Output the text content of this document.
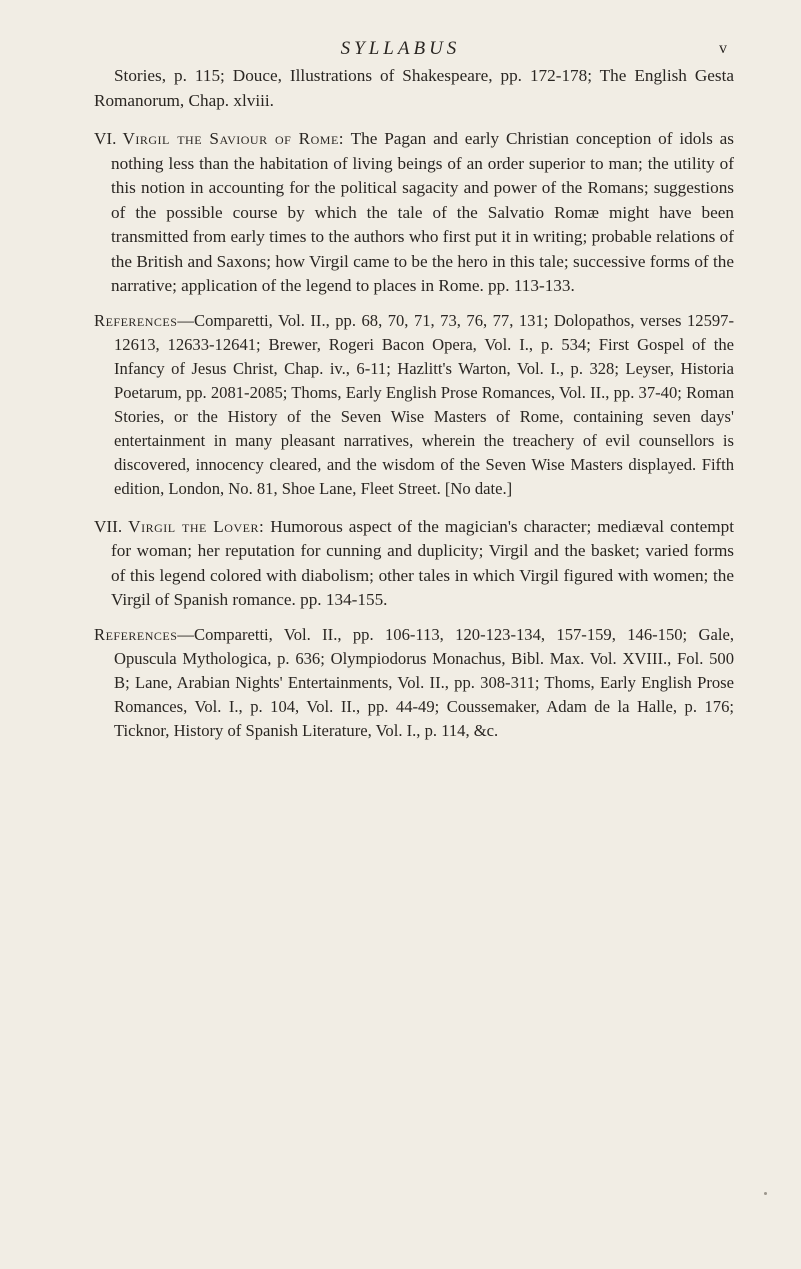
SYLLABUS	v

Stories, p. 115; Douce, Illustrations of Shakespeare, pp. 172-178; The English Gesta Romanorum, Chap. xlviii.

VI. Virgil the Saviour of Rome: The Pagan and early Christian conception of idols as nothing less than the habitation of living beings of an order superior to man; the utility of this notion in accounting for the political sagacity and power of the Romans; suggestions of the possible course by which the tale of the Salvatio Romæ might have been transmitted from early times to the authors who first put it in writing; probable relations of the British and Saxons; how Virgil came to be the hero in this tale; successive forms of the narrative; application of the legend to places in Rome. pp. 113-133.

References—Comparetti, Vol. II., pp. 68, 70, 71, 73, 76, 77, 131; Dolopathos, verses 12597-12613, 12633-12641; Brewer, Rogeri Bacon Opera, Vol. I., p. 534; First Gospel of the Infancy of Jesus Christ, Chap. iv., 6-11; Hazlitt's Warton, Vol. I., p. 328; Leyser, Historia Poetarum, pp. 2081-2085; Thoms, Early English Prose Romances, Vol. II., pp. 37-40; Roman Stories, or the History of the Seven Wise Masters of Rome, containing seven days' entertainment in many pleasant narratives, wherein the treachery of evil counsellors is discovered, innocency cleared, and the wisdom of the Seven Wise Masters displayed. Fifth edition, London, No. 81, Shoe Lane, Fleet Street. [No date.]

VII. Virgil the Lover: Humorous aspect of the magician's character; mediæval contempt for woman; her reputation for cunning and duplicity; Virgil and the basket; varied forms of this legend colored with diabolism; other tales in which Virgil figured with women; the Virgil of Spanish romance. pp. 134-155.

References—Comparetti, Vol. II., pp. 106-113, 120-123-134, 157-159, 146-150; Gale, Opuscula Mythologica, p. 636; Olympiodorus Monachus, Bibl. Max. Vol. XVIII., Fol. 500 B; Lane, Arabian Nights' Entertainments, Vol. II., pp. 308-311; Thoms, Early English Prose Romances, Vol. I., p. 104, Vol. II., pp. 44-49; Coussemaker, Adam de la Halle, p. 176; Ticknor, History of Spanish Literature, Vol. I., p. 114, &c.
